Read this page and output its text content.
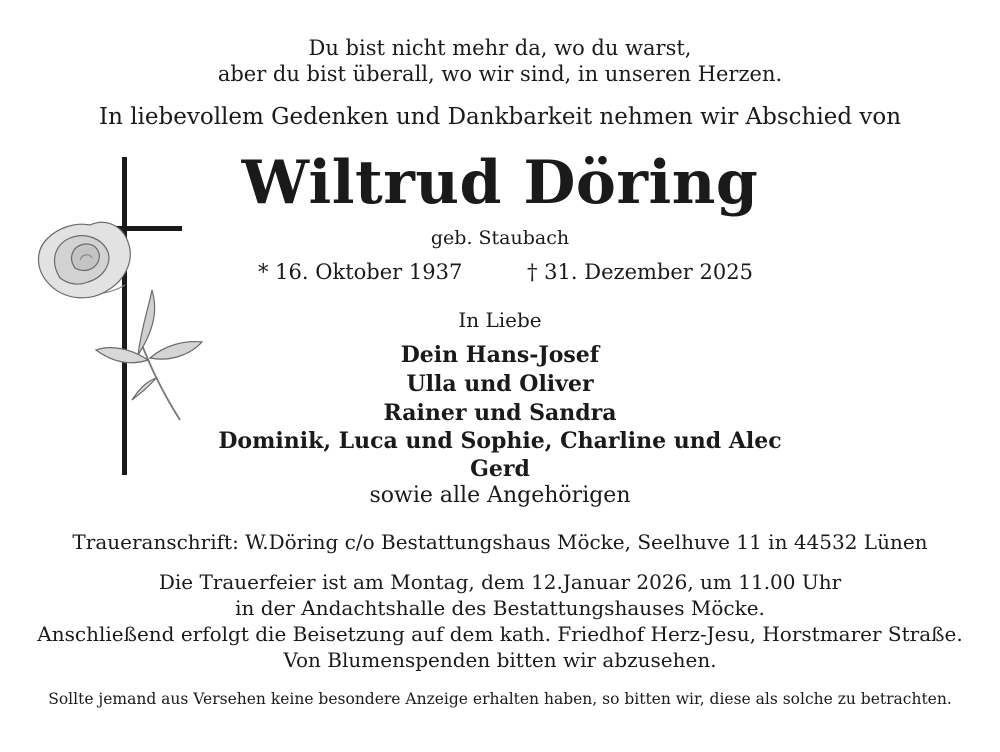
Du bist nicht mehr da, wo du warst,
aber du bist überall, wo wir sind, in unseren Herzen.
In liebevollem Gedenken und Dankbarkeit nehmen wir Abschied von
Wiltrud Döring
geb. Staubach
* 16. Oktober 1937	† 31. Dezember 2025
In Liebe
Dein Hans-Josef
Ulla und Oliver
Rainer und Sandra
Dominik, Luca und Sophie, Charline und Alec
Gerd
sowie alle Angehörigen
Traueranschrift: W.Döring c/o Bestattungshaus Möcke, Seelhuve 11 in 44532 Lünen
Die Trauerfeier ist am Montag, dem 12.Januar 2026, um 11.00 Uhr
in der Andachtshalle des Bestattungshauses Möcke.
Anschließend erfolgt die Beisetzung auf dem kath. Friedhof Herz-Jesu, Horstmarer Straße.
Von Blumenspenden bitten wir abzusehen.
Sollte jemand aus Versehen keine besondere Anzeige erhalten haben, so bitten wir, diese als solche zu betrachten.
